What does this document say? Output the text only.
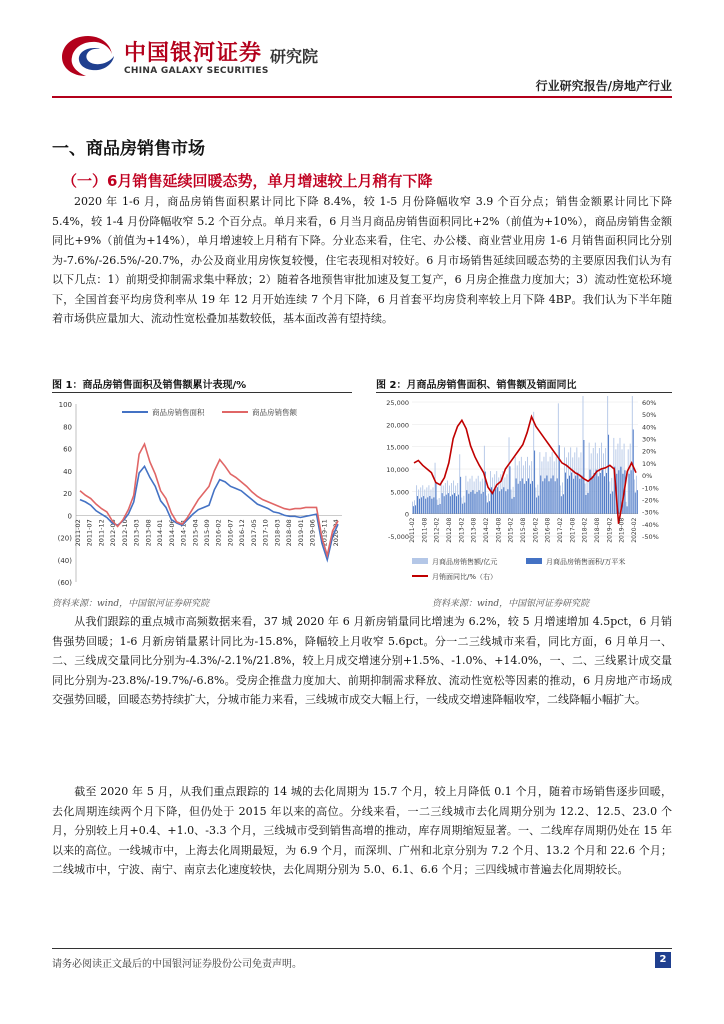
中国银河证券
CHINA GALAXY SECURITIES
研究院
行业研究报告/房地产行业
一、商品房销售市场
（一）6月销售延续回暖态势，单月增速较上月稍有下降
2020 年 1-6 月，商品房销售面积累计同比下降 8.4%，较 1-5 月份降幅收窄 3.9 个百分点；销售金额累计同比下降 5.4%，较 1-4 月份降幅收窄 5.2 个百分点。单月来看，6 月当月商品房销售面积同比+2%（前值为+10%），商品房销售金额同比+9%（前值为+14%），单月增速较上月稍有下降。分业态来看，住宅、办公楼、商业营业用房 1-6 月销售面积同比分别为-7.6%/-26.5%/-20.7%，办公及商业用房恢复较慢，住宅表现相对较好。6 月市场销售延续回暖态势的主要原因我们认为有以下几点：1）前期受抑制需求集中释放；2）随着各地预售审批加速及复工复产，6 月房企推盘力度加大；3）流动性宽松环境下，全国首套平均房贷利率从 19 年 12 月开始连续 7 个月下降，6 月首套平均房贷利率较上月下降 4BP。我们认为下半年随着市场供应量加大、流动性宽松叠加基数较低，基本面改善有望持续。
图 1：商品房销售面积及销售额累计表现/%
100
80
60
40
20
0
(20)
(40)
(60)
2011-02 2011-07 2011-12 2012-05 2012-10 2013-03 2013-08 2014-01 2014-06 2014-11 2015-04 2015-09 2016-02 2016-07 2016-12 2017-05 2017-10 2018-03 2018-08 2019-01 2019-06 2019-11 2020-04
商品房销售面积	商品房销售额
资料来源：wind，中国银河证券研究院
图 2：月商品房销售面积、销售额及销面同比
25,000
20,000
15,000
10,000
5,000
0
-5,000
60%
50%
40%
30%
20%
10%
0%
-10%
-20%
-30%
-40%
-50%
2011-02 2011-08 2012-02 2012-08 2013-02 2013-08 2014-02 2014-08 2015-02 2015-08 2016-02 2016-08 2017-02 2017-08 2018-02 2018-08 2019-02 2019-08 2020-02
月商品房销售额/亿元	月商品房销售面积/万平米
月销面同比/%（右）
资料来源：wind，中国银河证券研究院
从我们跟踪的重点城市高频数据来看，37 城 2020 年 6 月新房销量同比增速为 6.2%，较 5 月增速增加 4.5pct，6 月销售强势回暖；1-6 月新房销量累计同比为-15.8%，降幅较上月收窄 5.6pct。分一二三线城市来看，同比方面，6 月单月一、二、三线成交量同比分别为-4.3%/-2.1%/21.8%，较上月成交增速分别+1.5%、-1.0%、+14.0%，一、二、三线累计成交量同比分别为-23.8%/-19.7%/-6.8%。受房企推盘力度加大、前期抑制需求释放、流动性宽松等因素的推动，6 月房地产市场成交强势回暖，回暖态势持续扩大，分城市能力来看，三线城市成交大幅上行，一线成交增速降幅收窄，二线降幅小幅扩大。
截至 2020 年 5 月，从我们重点跟踪的 14 城的去化周期为 15.7 个月，较上月降低 0.1 个月，随着市场销售逐步回暖，去化周期连续两个月下降，但仍处于 2015 年以来的高位。分线来看，一二三线城市去化周期分别为 12.2、12.5、23.0 个月，分别较上月+0.4、+1.0、-3.3 个月，三线城市受到销售高增的推动，库存周期缩短显著。一、二线库存周期仍处在 15 年以来的高位。一线城市中，上海去化周期最短，为 6.9 个月，而深圳、广州和北京分别为 7.2 个月、13.2 个月和 22.6 个月；二线城市中，宁波、南宁、南京去化速度较快，去化周期分别为 5.0、6.1、6.6 个月；三四线城市普遍去化周期较长。
请务必阅读正文最后的中国银河证券股份公司免责声明。	2
